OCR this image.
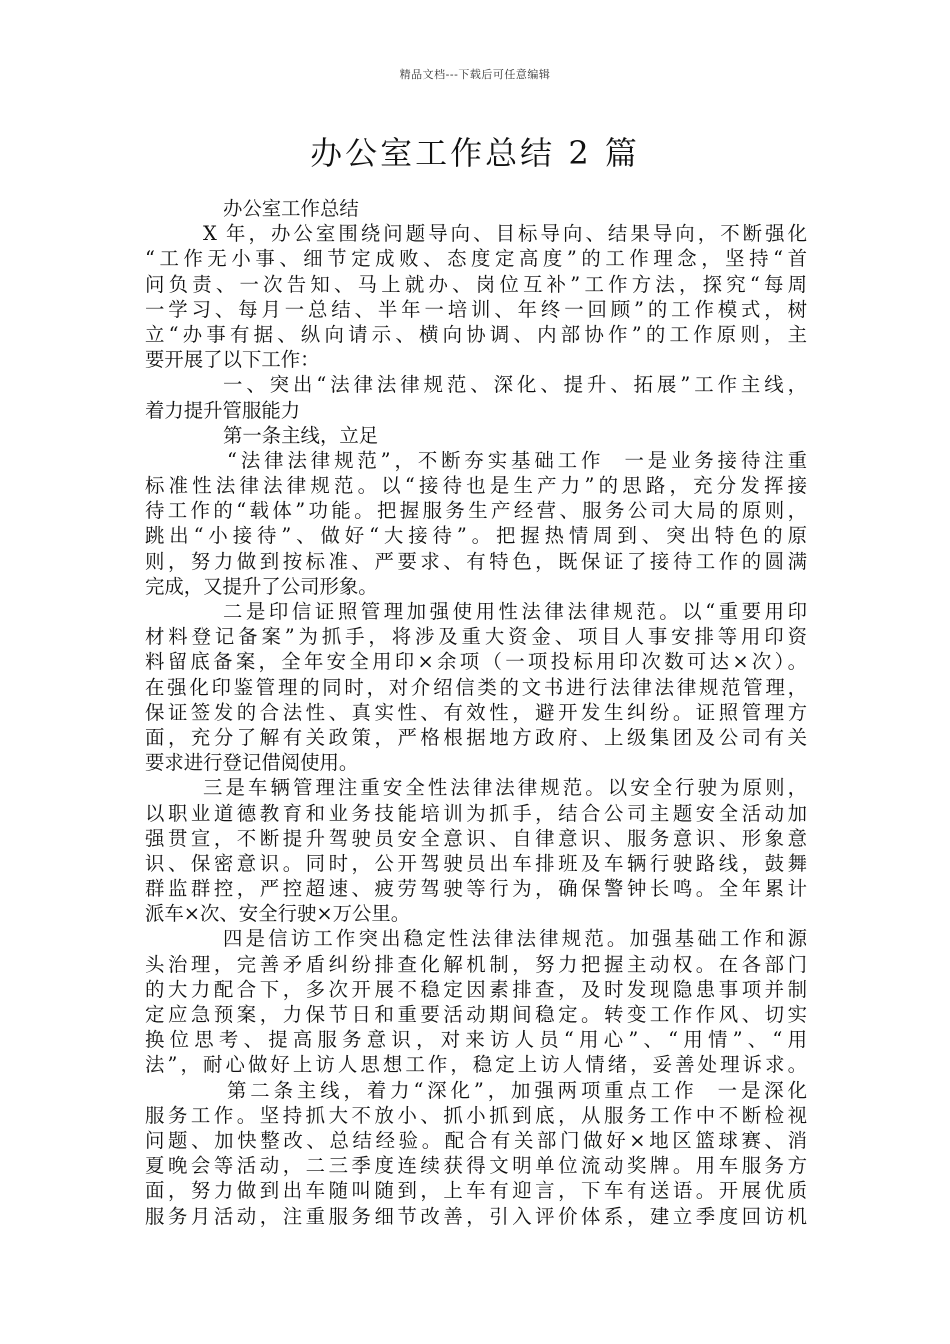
精品文档---下载后可任意编辑
办公室工作总结 2 篇
办公室工作总结
X 年，办公室围绕问题导向、目标导向、结果导向，不断强化
“工作无小事、细节定成败、态度定高度”的工作理念，坚持“首
问负责、一次告知、马上就办、岗位互补”工作方法，探究“每周
一学习、每月一总结、半年一培训、年终一回顾”的工作模式，树
立“办事有据、纵向请示、横向协调、内部协作”的工作原则，主
要开展了以下工作：
一、突出“法律法律规范、深化、提升、拓展”工作主线，
着力提升管服能力
第一条主线，立足
“法律法律规范”，不断夯实基础工作  一是业务接待注重
标准性法律法律规范。以“接待也是生产力”的思路，充分发挥接
待工作的“载体”功能。把握服务生产经营、服务公司大局的原则，
跳出“小接待”、做好“大接待”。把握热情周到、突出特色的原
则，努力做到按标准、严要求、有特色，既保证了接待工作的圆满
完成，又提升了公司形象。
二是印信证照管理加强使用性法律法律规范。以“重要用印
材料登记备案”为抓手，将涉及重大资金、项目人事安排等用印资
料留底备案，全年安全用印×余项（一项投标用印次数可达×次）。
在强化印鉴管理的同时，对介绍信类的文书进行法律法律规范管理，
保证签发的合法性、真实性、有效性，避开发生纠纷。证照管理方
面，充分了解有关政策，严格根据地方政府、上级集团及公司有关
要求进行登记借阅使用。
三是车辆管理注重安全性法律法律规范。以安全行驶为原则，
以职业道德教育和业务技能培训为抓手，结合公司主题安全活动加
强贯宣，不断提升驾驶员安全意识、自律意识、服务意识、形象意
识、保密意识。同时，公开驾驶员出车排班及车辆行驶路线，鼓舞
群监群控，严控超速、疲劳驾驶等行为，确保警钟长鸣。全年累计
派车×次、安全行驶×万公里。
四是信访工作突出稳定性法律法律规范。加强基础工作和源
头治理，完善矛盾纠纷排查化解机制，努力把握主动权。在各部门
的大力配合下，多次开展不稳定因素排查，及时发现隐患事项并制
定应急预案，力保节日和重要活动期间稳定。转变工作作风、切实
换位思考、提高服务意识，对来访人员“用心”、“用情”、“用
法”，耐心做好上访人思想工作，稳定上访人情绪，妥善处理诉求。
第二条主线，着力“深化”，加强两项重点工作  一是深化
服务工作。坚持抓大不放小、抓小抓到底，从服务工作中不断检视
问题、加快整改、总结经验。配合有关部门做好×地区篮球赛、消
夏晚会等活动，二三季度连续获得文明单位流动奖牌。用车服务方
面，努力做到出车随叫随到，上车有迎言，下车有送语。开展优质
服务月活动，注重服务细节改善，引入评价体系，建立季度回访机
